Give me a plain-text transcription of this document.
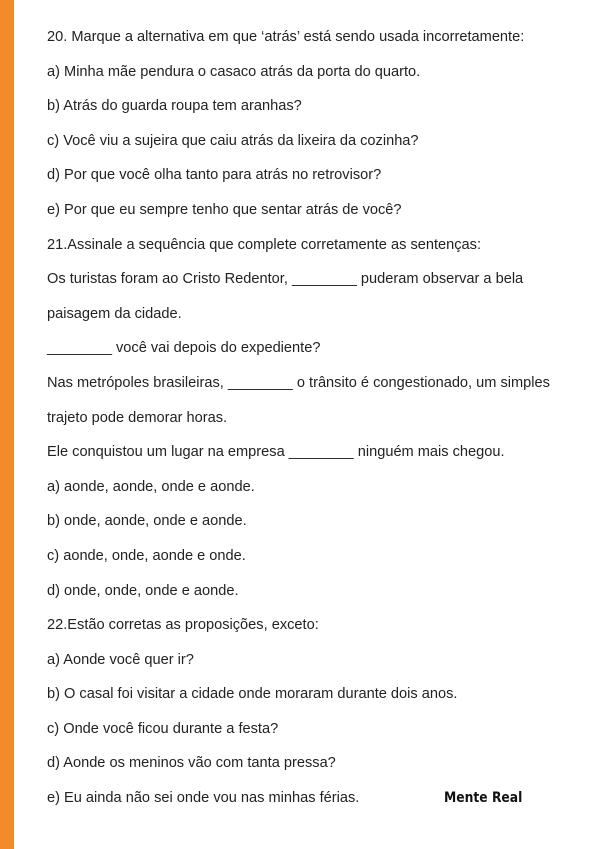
20. Marque a alternativa em que ‘atrás’ está sendo usada incorretamente:
a) Minha mãe pendura o casaco atrás da porta do quarto.
b) Atrás do guarda roupa tem aranhas?
c) Você viu a sujeira que caiu atrás da lixeira da cozinha?
d) Por que você olha tanto para atrás no retrovisor?
e) Por que eu sempre tenho que sentar atrás de você?
21.Assinale a sequência que complete corretamente as sentenças:
Os turistas foram ao Cristo Redentor, ________ puderam observar a bela
paisagem da cidade.
________ você vai depois do expediente?
Nas metrópoles brasileiras, ________ o trânsito é congestionado, um simples
trajeto pode demorar horas.
Ele conquistou um lugar na empresa ________ ninguém mais chegou.
a) aonde, aonde, onde e aonde.
b) onde, aonde, onde e aonde.
c) aonde, onde, aonde e onde.
d) onde, onde, onde e aonde.
22.Estão corretas as proposições, exceto:
a) Aonde você quer ir?
b) O casal foi visitar a cidade onde moraram durante dois anos.
c) Onde você ficou durante a festa?
d) Aonde os meninos vão com tanta pressa?
e) Eu ainda não sei onde vou nas minhas férias.	Mente Real
